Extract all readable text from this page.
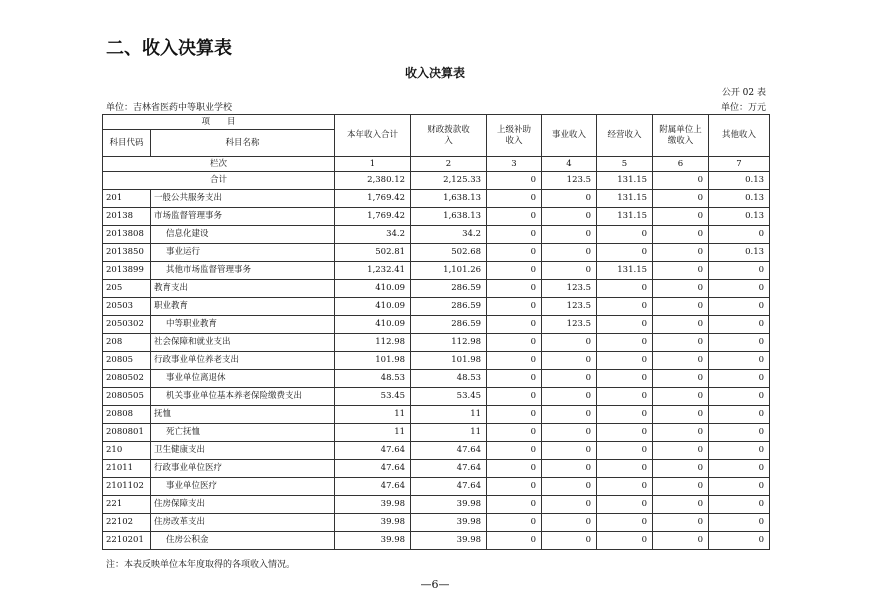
二、收入决算表
收入决算表
公开 02 表
单位：吉林省医药中等职业学校	单位：万元
项　　目		本年收入合计	财政拨款收入	上级补助收入	事业收入	经营收入	附属单位上缴收入	其他收入
科目代码	科目名称							
栏次		1	2	3	4	5	6	7
合计		2,380.12	2,125.33	0	123.5	131.15	0	0.13
201	一般公共服务支出	1,769.42	1,638.13	0	0	131.15	0	0.13
20138	市场监督管理事务	1,769.42	1,638.13	0	0	131.15	0	0.13
2013808	信息化建设	34.2	34.2	0	0	0	0	0
2013850	事业运行	502.81	502.68	0	0	0	0	0.13
2013899	其他市场监督管理事务	1,232.41	1,101.26	0	0	131.15	0	0
205	教育支出	410.09	286.59	0	123.5	0	0	0
20503	职业教育	410.09	286.59	0	123.5	0	0	0
2050302	中等职业教育	410.09	286.59	0	123.5	0	0	0
208	社会保障和就业支出	112.98	112.98	0	0	0	0	0
20805	行政事业单位养老支出	101.98	101.98	0	0	0	0	0
2080502	事业单位离退休	48.53	48.53	0	0	0	0	0
2080505	机关事业单位基本养老保险缴费支出	53.45	53.45	0	0	0	0	0
20808	抚恤	11	11	0	0	0	0	0
2080801	死亡抚恤	11	11	0	0	0	0	0
210	卫生健康支出	47.64	47.64	0	0	0	0	0
21011	行政事业单位医疗	47.64	47.64	0	0	0	0	0
2101102	事业单位医疗	47.64	47.64	0	0	0	0	0
221	住房保障支出	39.98	39.98	0	0	0	0	0
22102	住房改革支出	39.98	39.98	0	0	0	0	0
2210201	住房公积金	39.98	39.98	0	0	0	0	0
注：本表反映单位本年度取得的各项收入情况。
—6—
